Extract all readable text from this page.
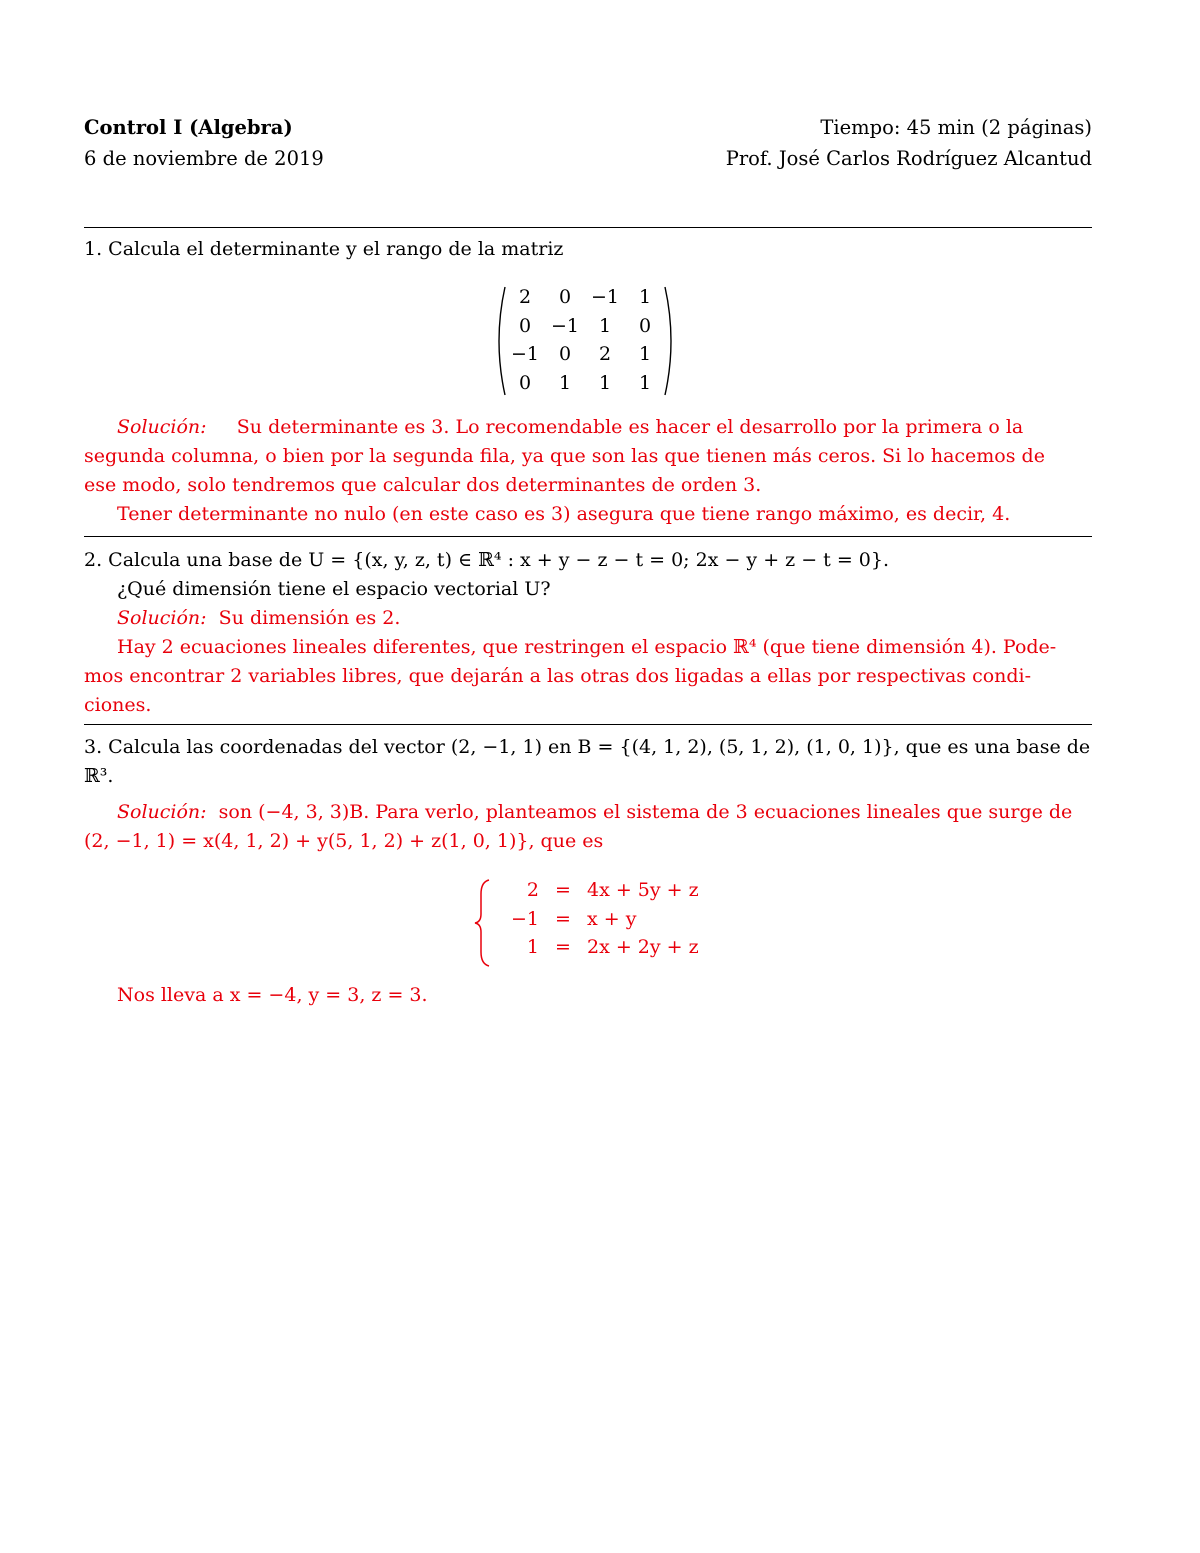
Control I (Algebra)	Tiempo: 45 min (2 páginas)
6 de noviembre de 2019	Prof. José Carlos Rodríguez Alcantud
1. Calcula el determinante y el rango de la matriz
2	0	−1	1
0	−1	1	0
−1	0	2	1
0	1	1	1
Solución: Su determinante es 3. Lo recomendable es hacer el desarrollo por la primera o la
segunda columna, o bien por la segunda fila, ya que son las que tienen más ceros. Si lo hacemos de
ese modo, solo tendremos que calcular dos determinantes de orden 3.
Tener determinante no nulo (en este caso es 3) asegura que tiene rango máximo, es decir, 4.
2. Calcula una base de U = {(x, y, z, t) ∈ ℝ⁴ : x + y − z − t = 0; 2x − y + z − t = 0}.
¿Qué dimensión tiene el espacio vectorial U?
Solución: Su dimensión es 2.
Hay 2 ecuaciones lineales diferentes, que restringen el espacio ℝ⁴ (que tiene dimensión 4). Pode-
mos encontrar 2 variables libres, que dejarán a las otras dos ligadas a ellas por respectivas condi-
ciones.
3. Calcula las coordenadas del vector (2, −1, 1) en B = {(4, 1, 2), (5, 1, 2), (1, 0, 1)}, que es una base de
ℝ³.
Solución: son (−4, 3, 3)B. Para verlo, planteamos el sistema de 3 ecuaciones lineales que surge de
(2, −1, 1) = x(4, 1, 2) + y(5, 1, 2) + z(1, 0, 1)}, que es
2 = 4x + 5y + z
−1 = x + y
1 = 2x + 2y + z
Nos lleva a x = −4, y = 3, z = 3.
